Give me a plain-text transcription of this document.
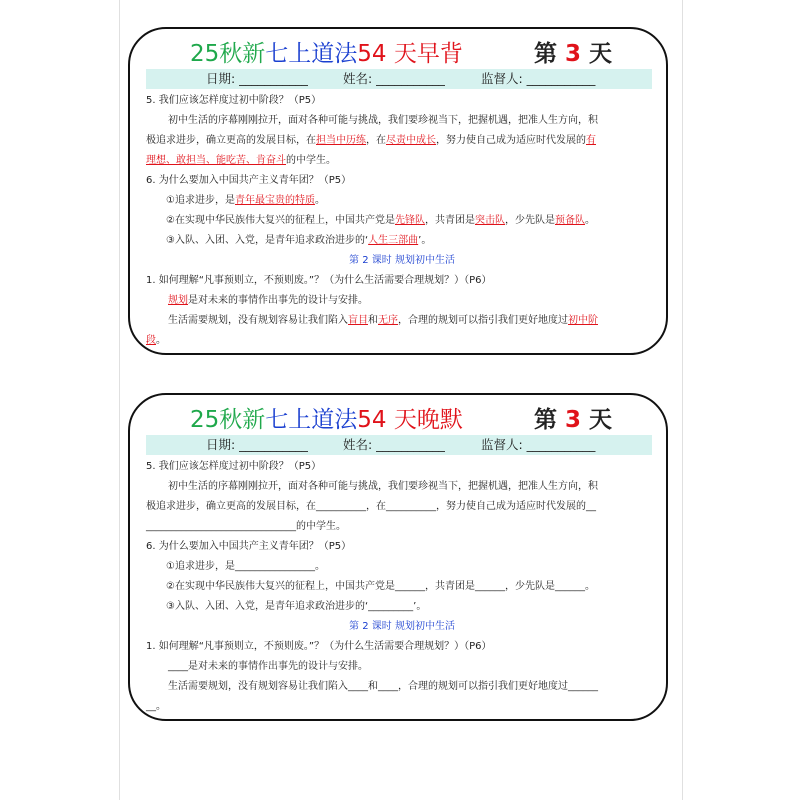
25秋新七上道法54 天早背	第 3 天
日期: ___________	姓名: ___________	监督人: ___________
5. 我们应该怎样度过初中阶段？（P5）
初中生活的序幕刚刚拉开，面对各种可能与挑战，我们要珍视当下，把握机遇，把准人生方向，积
极追求进步，确立更高的发展目标，在担当中历练，在尽责中成长，努力使自己成为适应时代发展的有
理想、敢担当、能吃苦、肯奋斗的中学生。
6. 为什么要加入中国共产主义青年团？（P5）
①追求进步，是青年最宝贵的特质。
②在实现中华民族伟大复兴的征程上，中国共产党是先锋队，共青团是突击队，少先队是预备队。
③入队、入团、入党，是青年追求政治进步的‘人生三部曲’。
第 2 课时 规划初中生活
1. 如何理解“凡事预则立，不预则废。”？（为什么生活需要合理规划？）（P6）
规划是对未来的事情作出事先的设计与安排。
生活需要规划，没有规划容易让我们陷入盲目和无序，合理的规划可以指引我们更好地度过初中阶
段。
25秋新七上道法54 天晚默	第 3 天
日期: ___________	姓名: ___________	监督人: ___________
5. 我们应该怎样度过初中阶段？（P5）
初中生活的序幕刚刚拉开，面对各种可能与挑战，我们要珍视当下，把握机遇，把准人生方向，积
极追求进步，确立更高的发展目标，在__________，在__________，努力使自己成为适应时代发展的__
______________________________的中学生。
6. 为什么要加入中国共产主义青年团？（P5）
①追求进步，是________________。
②在实现中华民族伟大复兴的征程上，中国共产党是______，共青团是______，少先队是______。
③入队、入团、入党，是青年追求政治进步的‘_________’。
第 2 课时 规划初中生活
1. 如何理解“凡事预则立，不预则废。”？（为什么生活需要合理规划？）（P6）
____是对未来的事情作出事先的设计与安排。
生活需要规划，没有规划容易让我们陷入____和____，合理的规划可以指引我们更好地度过______
__。
